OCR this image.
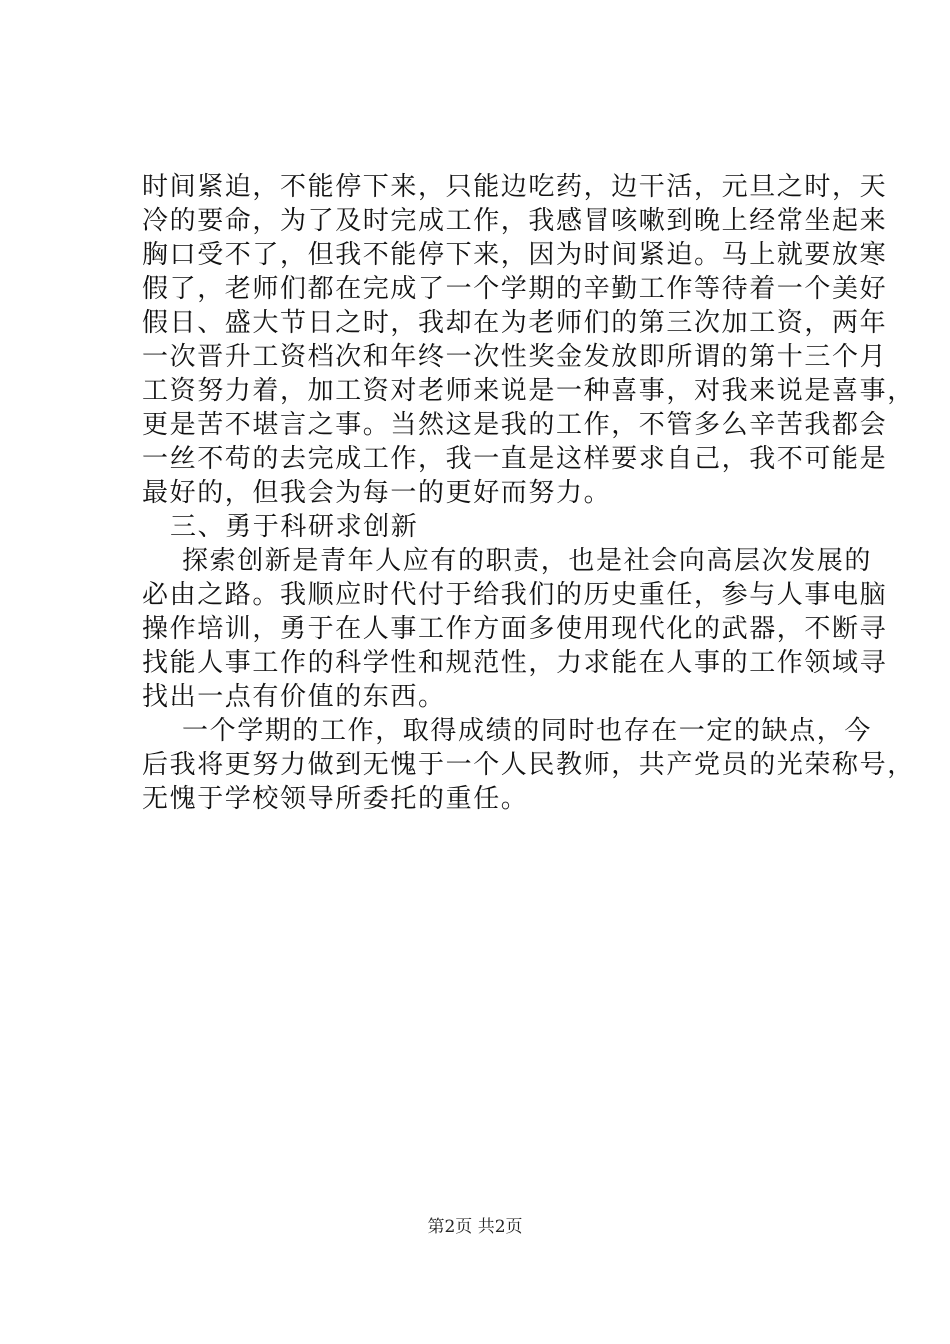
时间紧迫，不能停下来，只能边吃药，边干活，元旦之时，天
冷的要命，为了及时完成工作，我感冒咳嗽到晚上经常坐起来
胸口受不了，但我不能停下来，因为时间紧迫。马上就要放寒
假了，老师们都在完成了一个学期的辛勤工作等待着一个美好
假日、盛大节日之时，我却在为老师们的第三次加工资，两年
一次晋升工资档次和年终一次性奖金发放即所谓的第十三个月
工资努力着，加工资对老师来说是一种喜事，对我来说是喜事，
更是苦不堪言之事。当然这是我的工作，不管多么辛苦我都会
一丝不苟的去完成工作，我一直是这样要求自己，我不可能是
最好的，但我会为每一的更好而努力。
三、勇于科研求创新
探索创新是青年人应有的职责，也是社会向高层次发展的
必由之路。我顺应时代付于给我们的历史重任，参与人事电脑
操作培训，勇于在人事工作方面多使用现代化的武器，不断寻
找能人事工作的科学性和规范性，力求能在人事的工作领域寻
找出一点有价值的东西。
一个学期的工作，取得成绩的同时也存在一定的缺点，今
后我将更努力做到无愧于一个人民教师，共产党员的光荣称号，
无愧于学校领导所委托的重任。
第2页 共2页
